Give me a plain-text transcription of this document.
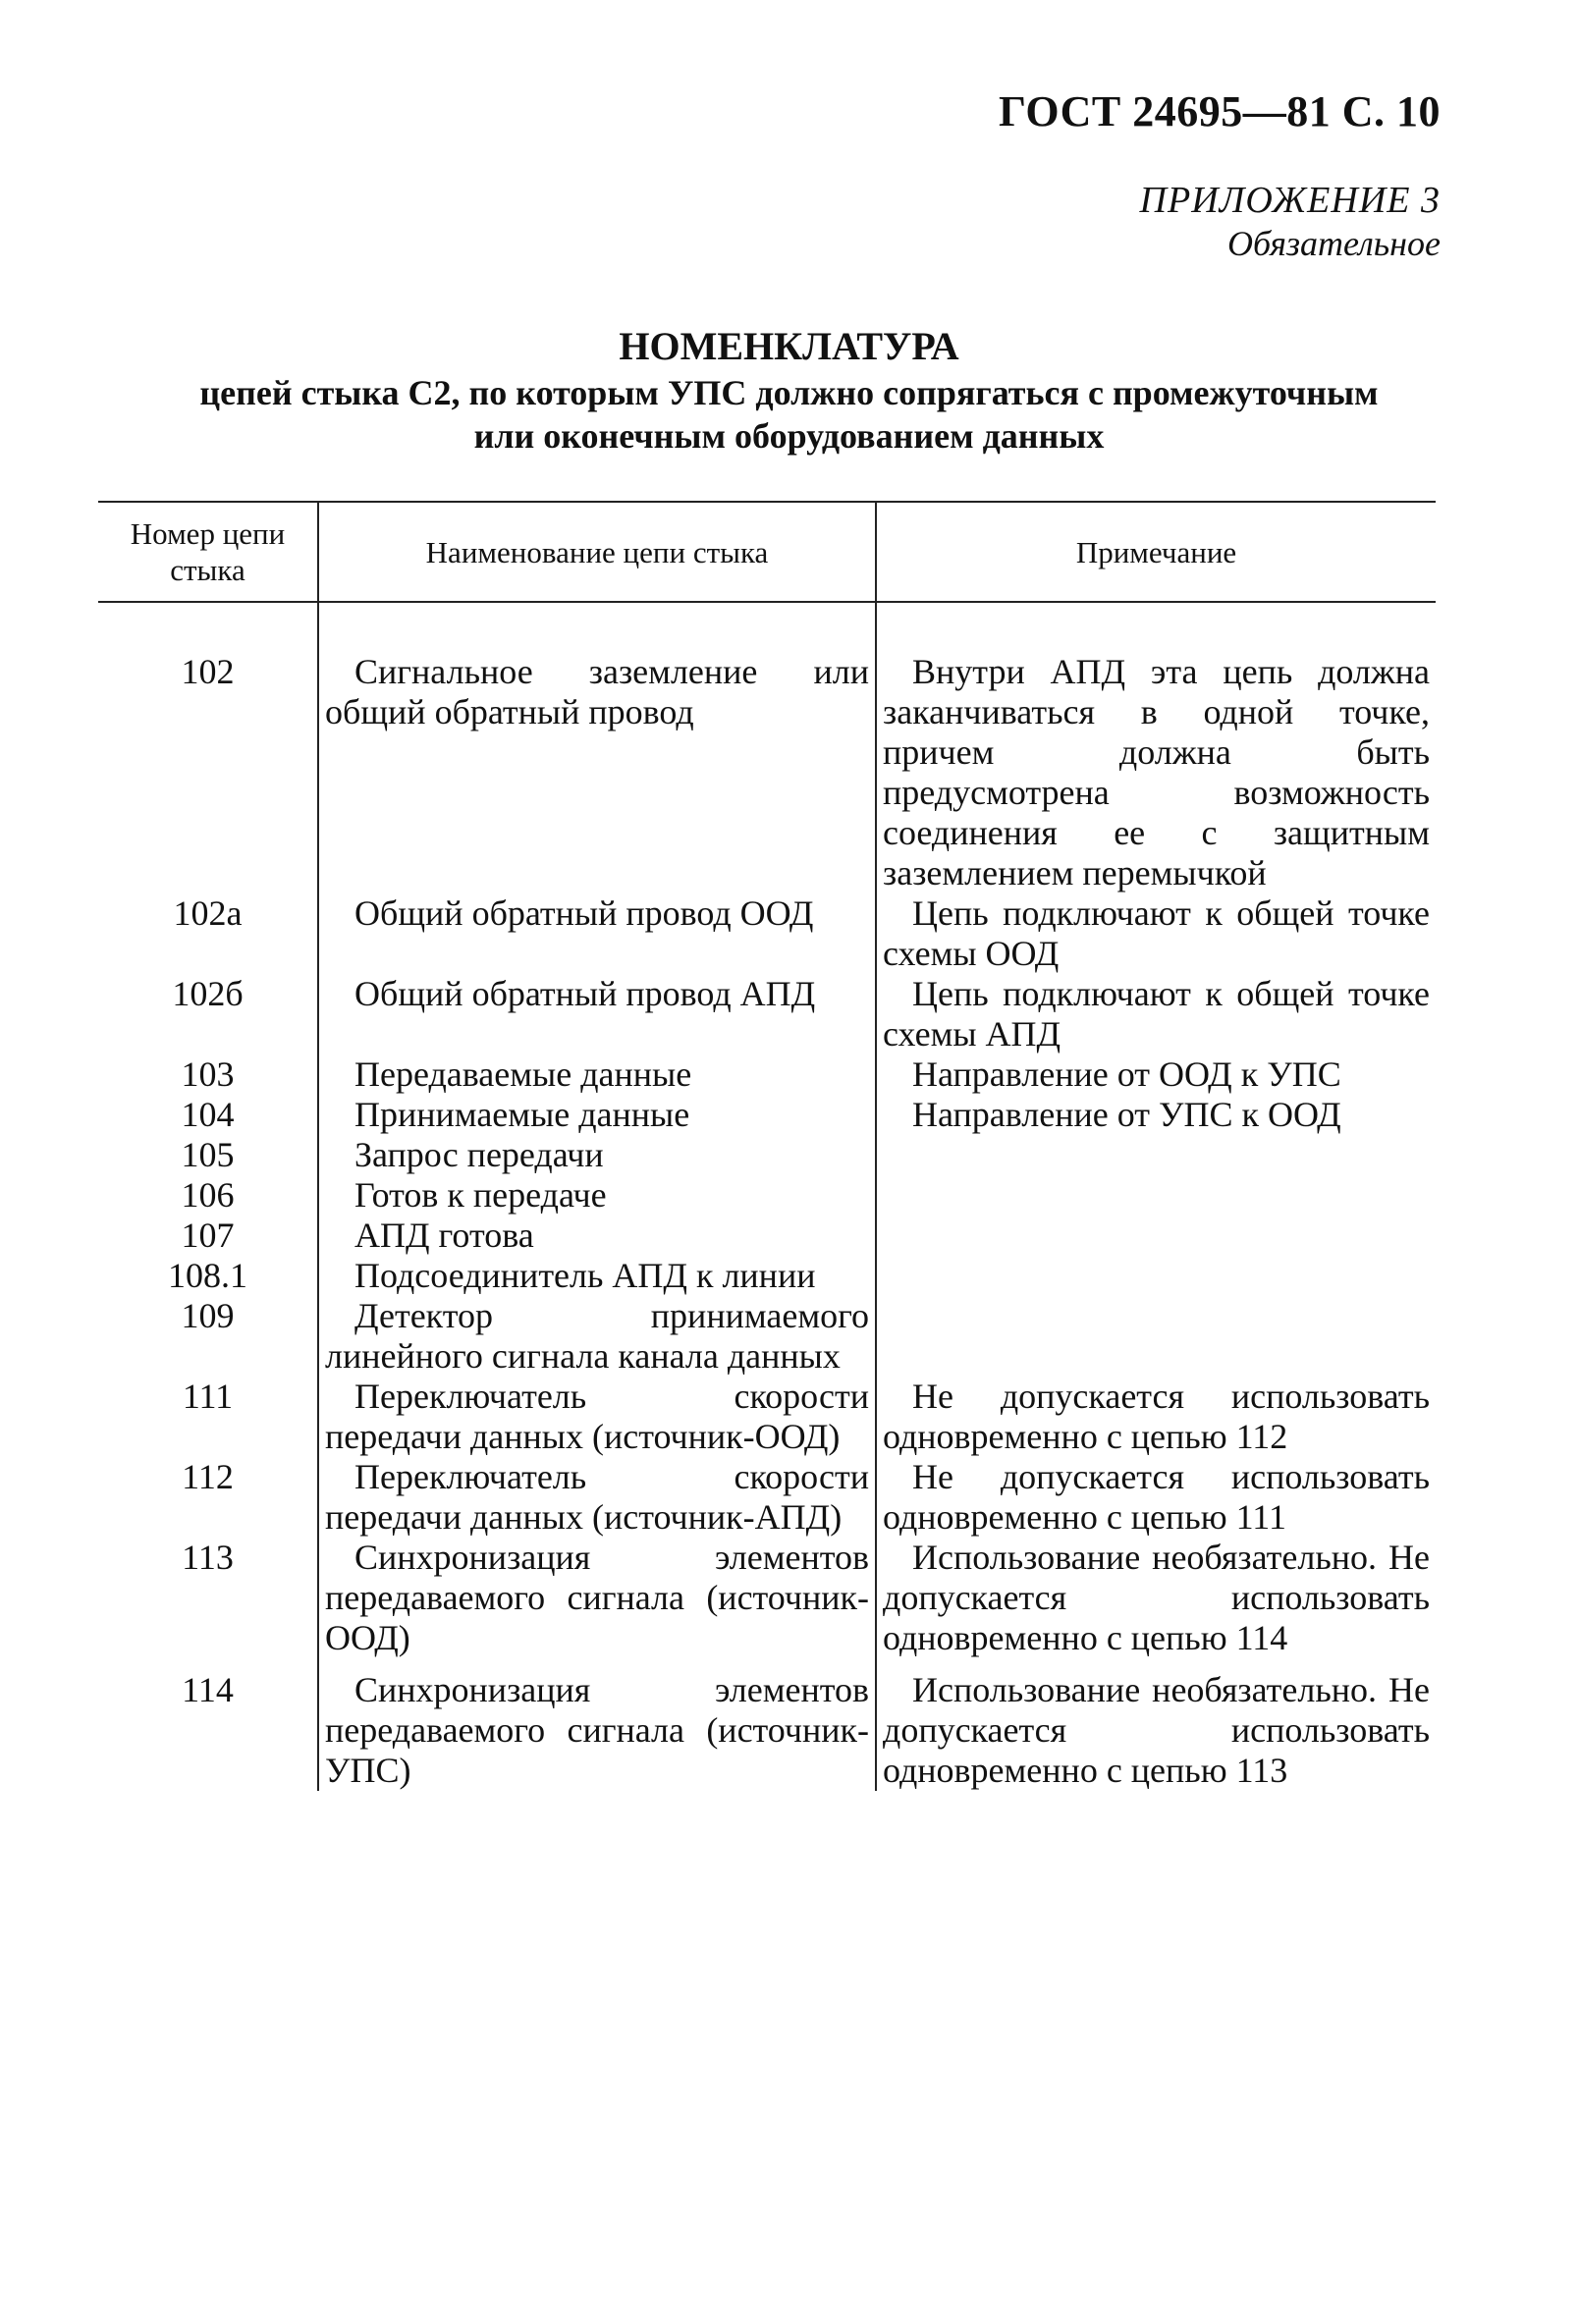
ГОСТ 24695—81 С. 10
ПРИЛОЖЕНИЕ 3
Обязательное
НОМЕНКЛАТУРА
цепей стыка С2, по которым УПС должно сопрягаться с промежуточным
или оконечным оборудованием данных
Номер цепи стыка	Наименование цепи стыка	Примечание
102	Сигнальное заземление или общий обратный провод	Внутри АПД эта цепь должна заканчиваться в одной точке, причем должна быть предусмотрена возможность соединения ее с защитным заземлением перемычкой
102а	Общий обратный провод ООД	Цепь подключают к общей точке схемы ООД
102б	Общий обратный провод АПД	Цепь подключают к общей точке схемы АПД
103	Передаваемые данные	Направление от ООД к УПС
104	Принимаемые данные	Направление от УПС к ООД
105	Запрос передачи	
106	Готов к передаче	
107	АПД готова	
108.1	Подсоединитель АПД к линии	
109	Детектор принимаемого линейного сигнала канала данных	
111	Переключатель скорости передачи данных (источник-ООД)	Не допускается использовать одновременно с цепью 112
112	Переключатель скорости передачи данных (источник-АПД)	Не допускается использовать одновременно с цепью 111
113	Синхронизация элементов передаваемого сигнала (источник-ООД)	Использование необязательно. Не допускается использовать одновременно с цепью 114
114	Синхронизация элементов передаваемого сигнала (источник-УПС)	Использование необязательно. Не допускается использовать одновременно с цепью 113
